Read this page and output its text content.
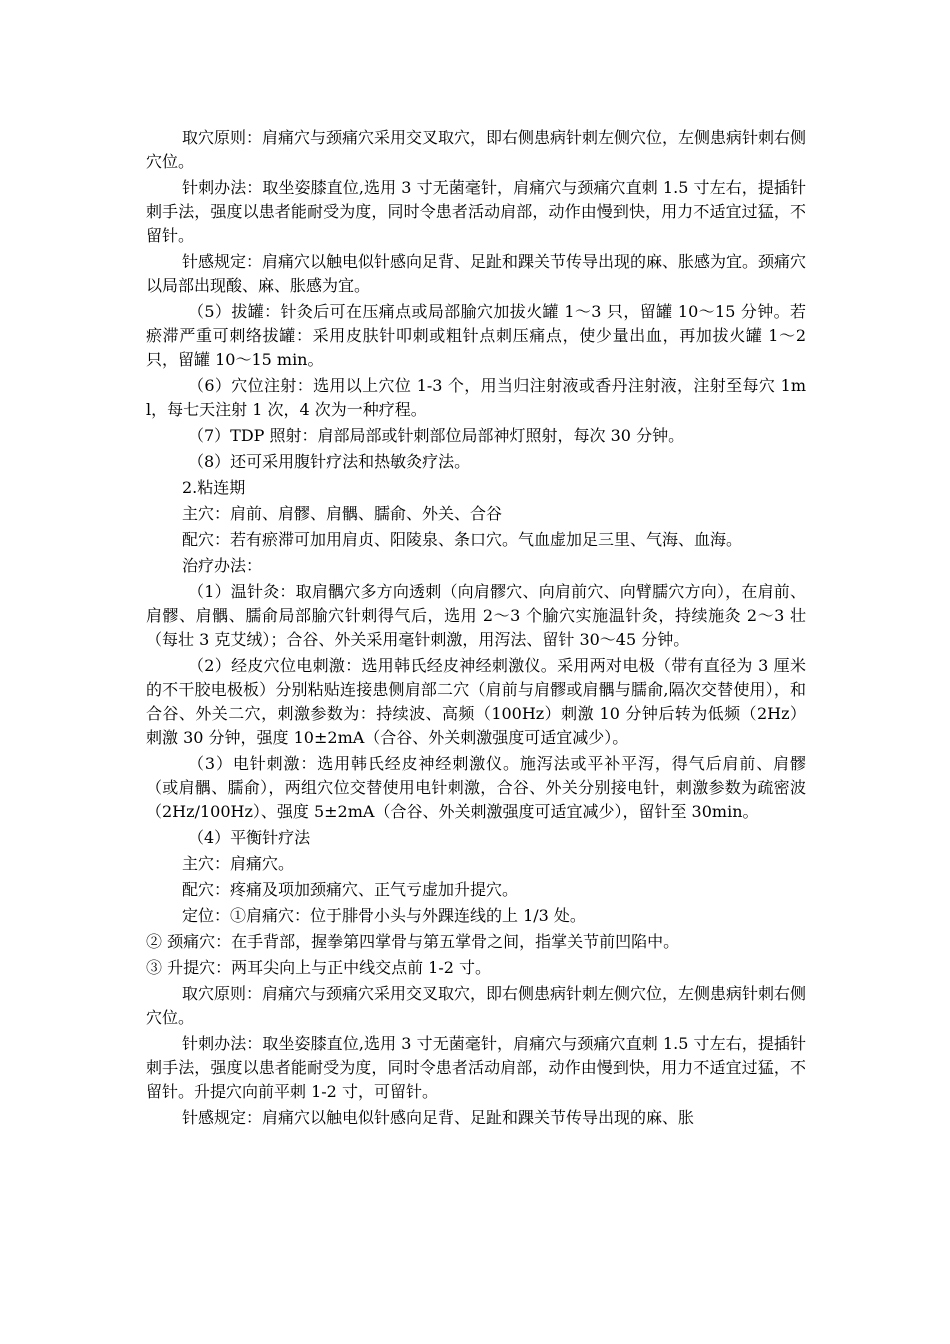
取穴原则：肩痛穴与颈痛穴采用交叉取穴，即右侧患病针刺左侧穴位，左侧患病针刺右侧穴位。

针刺办法：取坐姿膝直位,选用 3 寸无菌毫针，肩痛穴与颈痛穴直刺 1.5 寸左右，提插针刺手法，强度以患者能耐受为度，同时令患者活动肩部，动作由慢到快，用力不适宜过猛，不留针。

针感规定：肩痛穴以触电似针感向足背、足趾和踝关节传导出现的麻、胀感为宜。颈痛穴以局部出现酸、麻、胀感为宜。

（5）拔罐：针灸后可在压痛点或局部腧穴加拔火罐 1～3 只，留罐 10～15 分钟。若瘀滞严重可刺络拔罐：采用皮肤针叩刺或粗针点刺压痛点，使少量出血，再加拔火罐 1～2 只，留罐 10～15 min。

（6）穴位注射：选用以上穴位 1-3 个，用当归注射液或香丹注射液，注射至每穴 1ml，每七天注射 1 次，4 次为一种疗程。

（7）TDP 照射：肩部局部或针刺部位局部神灯照射，每次 30 分钟。

（8）还可采用腹针疗法和热敏灸疗法。

2.粘连期

主穴：肩前、肩髎、肩髃、臑俞、外关、合谷

配穴：若有瘀滞可加用肩贞、阳陵泉、条口穴。气血虚加足三里、气海、血海。

治疗办法：

（1）温针灸：取肩髃穴多方向透刺（向肩髎穴、向肩前穴、向臂臑穴方向），在肩前、肩髎、肩髃、臑俞局部腧穴针刺得气后，选用 2～3 个腧穴实施温针灸，持续施灸 2～3 壮（每壮 3 克艾绒）；合谷、外关采用毫针刺激，用泻法、留针 30～45 分钟。

（2）经皮穴位电刺激：选用韩氏经皮神经刺激仪。采用两对电极（带有直径为 3 厘米的不干胶电极板）分别粘贴连接患侧肩部二穴（肩前与肩髎或肩髃与臑俞,隔次交替使用），和合谷、外关二穴，刺激参数为：持续波、高频（100Hz）刺激 10 分钟后转为低频（2Hz）刺激 30 分钟，强度 10±2mA（合谷、外关刺激强度可适宜减少）。

（3）电针刺激：选用韩氏经皮神经刺激仪。施泻法或平补平泻，得气后肩前、肩髎（或肩髃、臑俞），两组穴位交替使用电针刺激，合谷、外关分别接电针，刺激参数为疏密波（2Hz/100Hz）、强度 5±2mA（合谷、外关刺激强度可适宜减少），留针至 30min。

（4）平衡针疗法

主穴：肩痛穴。

配穴：疼痛及项加颈痛穴、正气亏虚加升提穴。

定位：①肩痛穴：位于腓骨小头与外踝连线的上 1/3 处。

② 颈痛穴：在手背部，握拳第四掌骨与第五掌骨之间，指掌关节前凹陷中。

③ 升提穴：两耳尖向上与正中线交点前 1-2 寸。

取穴原则：肩痛穴与颈痛穴采用交叉取穴，即右侧患病针刺左侧穴位，左侧患病针刺右侧穴位。

针刺办法：取坐姿膝直位,选用 3 寸无菌毫针，肩痛穴与颈痛穴直刺 1.5 寸左右，提插针刺手法，强度以患者能耐受为度，同时令患者活动肩部，动作由慢到快，用力不适宜过猛，不留针。升提穴向前平刺 1-2 寸，可留针。

针感规定：肩痛穴以触电似针感向足背、足趾和踝关节传导出现的麻、胀
